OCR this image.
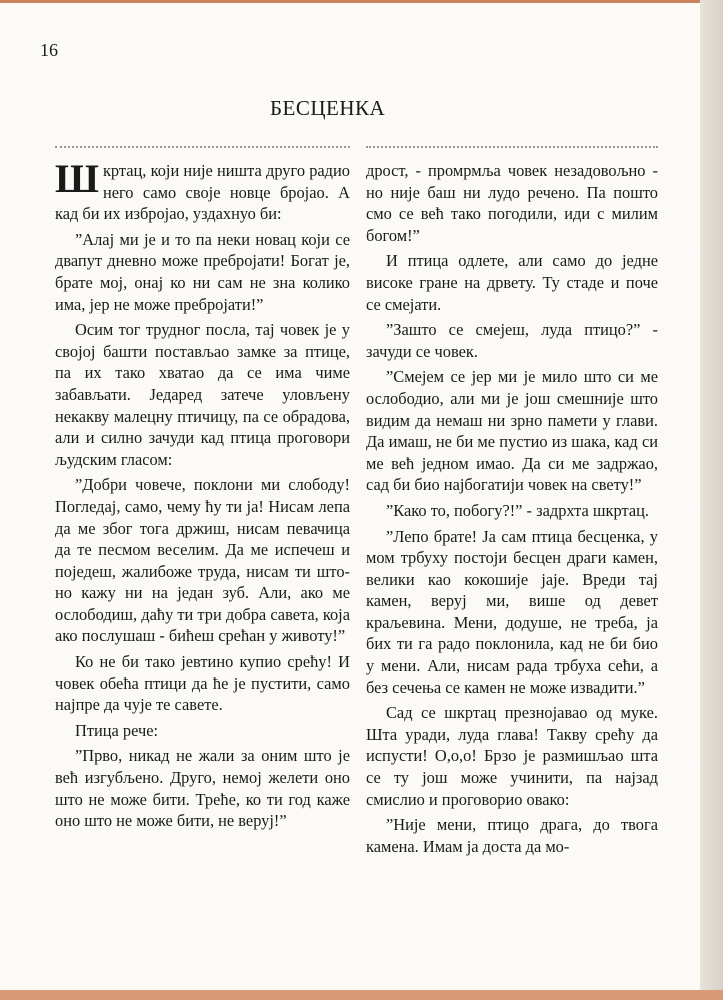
16
БЕСЦЕНКА

Шкртац, који није ништа друго радио него само своје новце бројао. А кад би их избројао, уздахнуо би:

”Алај ми је и то па неки новац који се двапут дневно може пребројати! Богат је, брате мој, онај ко ни сам не зна колико има, јер не може пребројати!”

Осим тог трудног посла, тај човек је у својој башти постављао замке за птице, па их тако хватао да се има чиме забављати. Једаред затече уловљену некакву малецну птичицу, па се обрадова, али и силно зачуди кад птица проговори људским гласом:

”Добри човече, поклони ми слободу! Погледај, само, чему ћу ти ја! Нисам лепа да ме због тога држиш, нисам певачица да те песмом веселим. Да ме испечеш и поједеш, жалибоже труда, нисам ти што-но кажу ни на један зуб. Али, ако ме ослободиш, даћу ти три добра савета, која ако послушаш - бићеш срећан у животу!”

Ко не би тако јевтино купио срећу! И човек обећа птици да ће је пустити, само најпре да чује те савете.

Птица рече:

”Прво, никад не жали за оним што је већ изгубљено. Друго, немој желети оно што не може бити. Треће, ко ти год каже оно што не може бити, не веруј!”

дрост, - промрмља човек незадовољно - но није баш ни лудо речено. Па пошто смо се већ тако погодили, иди с милим богом!”

И птица одлете, али само до једне високе гране на дрвету. Ту стаде и поче се смејати.

”Зашто се смејеш, луда птицо?” - зачуди се човек.

”Смејем се јер ми је мило што си ме ослободио, али ми је још смешније што видим да немаш ни зрно памети у глави. Да имаш, не би ме пустио из шака, кад си ме већ једном имао. Да си ме задржао, сад би био најбогатији човек на свету!”

”Како то, побогу?!” - задрхта шкртац.

”Лепо брате! Ја сам птица бесценка, у мом трбуху постоји бесцен драги камен, велики као кокошије јаје. Вреди тај камен, веруј ми, више од девет краљевина. Мени, додуше, не треба, ја бих ти га радо поклонила, кад не би био у мени. Али, нисам рада трбуха сећи, а без сечења се камен не може извадити.”

Сад се шкртац презнојавао од муке. Шта уради, луда глава! Такву срећу да испусти! О,о,о! Брзо је размишљао шта се ту још може учинити, па најзад смислио и проговорио овако:

”Није мени, птицо драга, до твога камена. Имам ја доста да мо-
